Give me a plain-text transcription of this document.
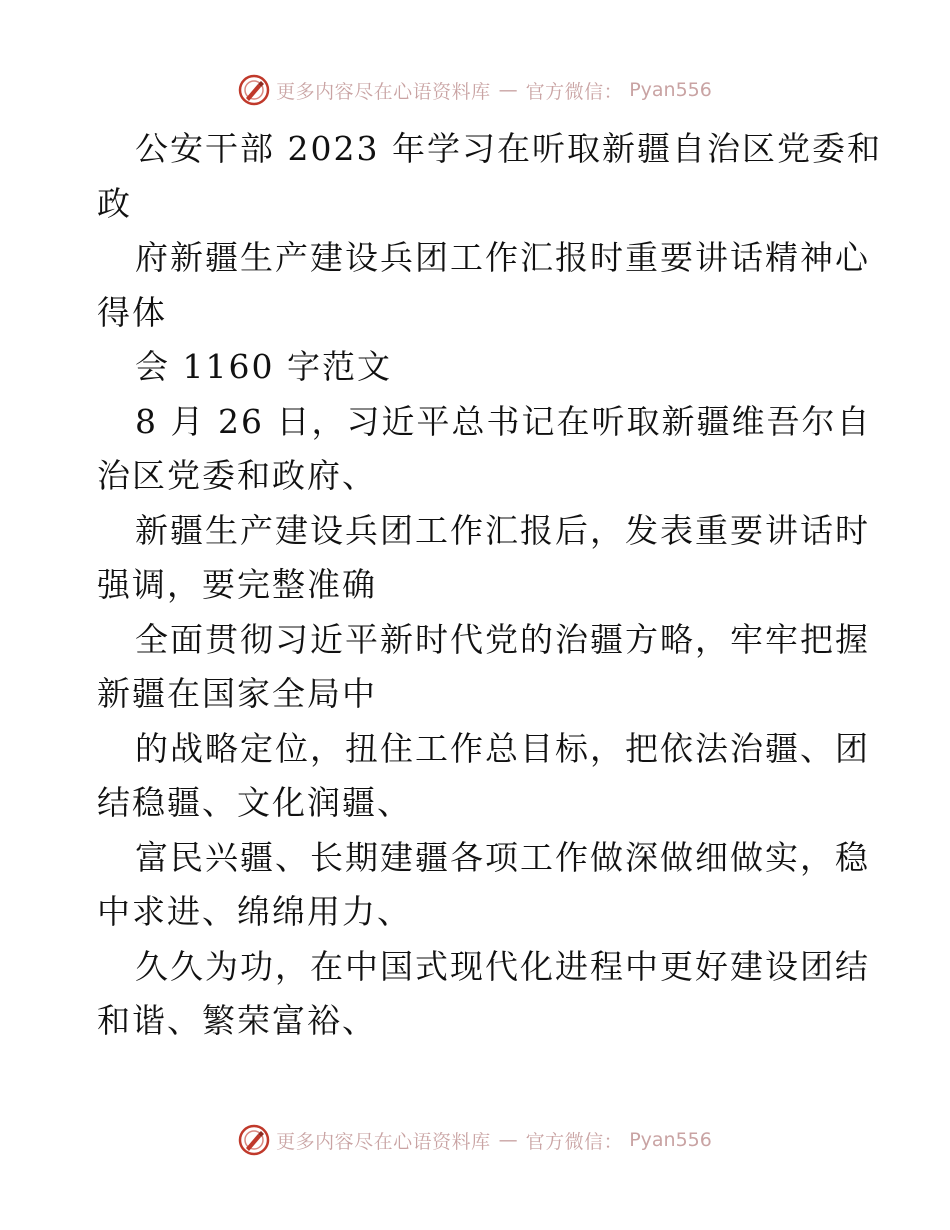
更多内容尽在心语资料库 — 官方微信： Pyan556
公安干部 2023 年学习在听取新疆自治区党委和
政
府新疆生产建设兵团工作汇报时重要讲话精神心
得体
会 1160 字范文
8 月 26 日，习近平总书记在听取新疆维吾尔自
治区党委和政府、
新疆生产建设兵团工作汇报后，发表重要讲话时
强调，要完整准确
全面贯彻习近平新时代党的治疆方略，牢牢把握
新疆在国家全局中
的战略定位，扭住工作总目标，把依法治疆、团
结稳疆、文化润疆、
富民兴疆、长期建疆各项工作做深做细做实，稳
中求进、绵绵用力、
久久为功，在中国式现代化进程中更好建设团结
和谐、繁荣富裕、
更多内容尽在心语资料库 — 官方微信： Pyan556
